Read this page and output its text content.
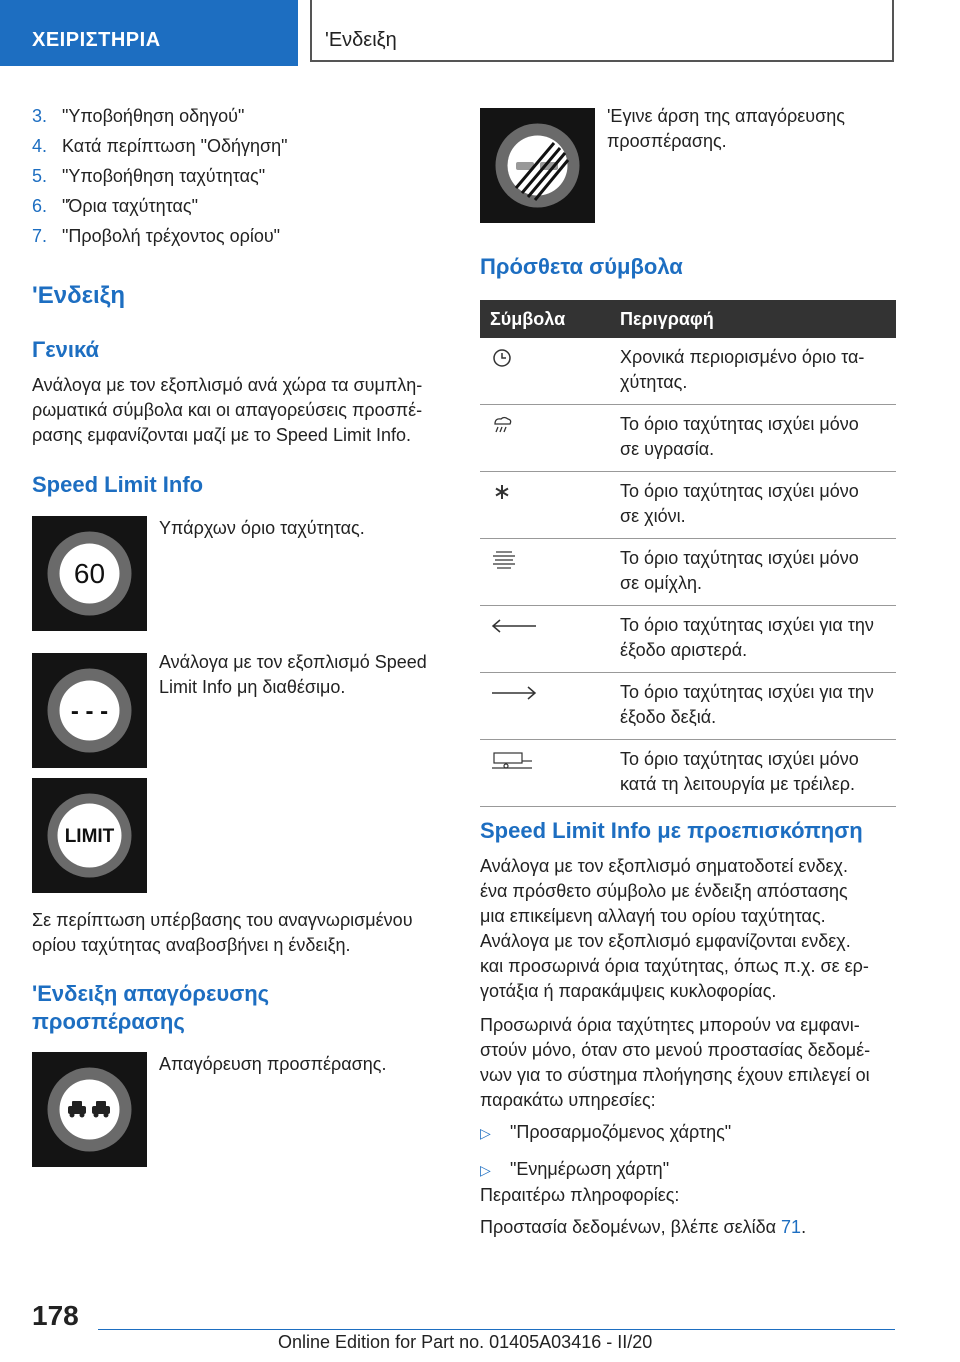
ΧΕΙΡΙΣΤΗΡΙΑ	'Ενδειξη
3. "Υποβοήθηση οδηγού"
4. Κατά περίπτωση "Οδήγηση"
5. "Υποβοήθηση ταχύτητας"
6. "Όρια ταχύτητας"
7. "Προβολή τρέχοντος ορίου"
'Ενδειξη
Γενικά
Ανάλογα με τον εξοπλισμό ανά χώρα τα συμπλη-
ρωματικά σύμβολα και οι απαγορεύσεις προσπέ-
ρασης εμφανίζονται μαζί με το Speed Limit Info.
Speed Limit Info
60
Υπάρχων όριο ταχύτητας.
- - -
Ανάλογα με τον εξοπλισμό Speed
Limit Info μη διαθέσιμο.
LIMIT
Σε περίπτωση υπέρβασης του αναγνωρισμένου
ορίου ταχύτητας αναβοσβήνει η ένδειξη.
'Ενδειξη απαγόρευσης
προσπέρασης
Απαγόρευση προσπέρασης.
'Εγινε άρση της απαγόρευσης
προσπέρασης.
Πρόσθετα σύμβολα
Σύμβολα	Περιγραφή

Χρονικά περιορισμένο όριο τα-
χύτητας.

Το όριο ταχύτητας ισχύει μόνο
σε υγρασία.

Το όριο ταχύτητας ισχύει μόνο
σε χιόνι.

Το όριο ταχύτητας ισχύει μόνο
σε ομίχλη.

Το όριο ταχύτητας ισχύει για την
έξοδο αριστερά.

Το όριο ταχύτητας ισχύει για την
έξοδο δεξιά.

Το όριο ταχύτητας ισχύει μόνο
κατά τη λειτουργία με τρέιλερ.
Speed Limit Info με προεπισκόπηση
Ανάλογα με τον εξοπλισμό σηματοδοτεί ενδεχ.
ένα πρόσθετο σύμβολο με ένδειξη απόστασης
μια επικείμενη αλλαγή του ορίου ταχύτητας.
Ανάλογα με τον εξοπλισμό εμφανίζονται ενδεχ.
και προσωρινά όρια ταχύτητας, όπως π.χ. σε ερ-
γοτάξια ή παρακάμψεις κυκλοφορίας.
Προσωρινά όρια ταχύτητες μπορούν να εμφανι-
στούν μόνο, όταν στο μενού προστασίας δεδομέ-
νων για το σύστημα πλοήγησης έχουν επιλεγεί οι
παρακάτω υπηρεσίες:
▷ "Προσαρμοζόμενος χάρτης"
▷ "Ενημέρωση χάρτη"
Περαιτέρω πληροφορίες:
Προστασία δεδομένων, βλέπε σελίδα 71.
178
Online Edition for Part no. 01405A03416 - II/20
